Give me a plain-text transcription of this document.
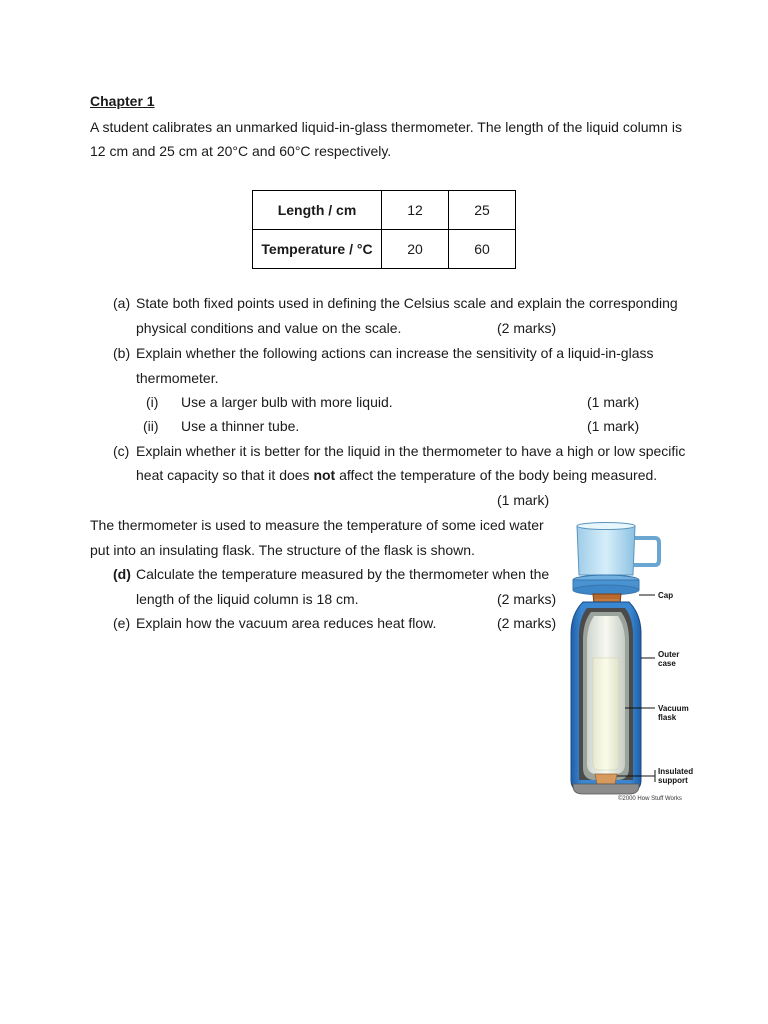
Chapter 1
A student calibrates an unmarked liquid-in-glass thermometer. The length of the liquid column is
12 cm and 25 cm at 20°C and 60°C respectively.
Length / cm	12	25
Temperature / °C	20	60
(a) State both fixed points used in defining the Celsius scale and explain the corresponding
physical conditions and value on the scale.	(2 marks)
(b) Explain whether the following actions can increase the sensitivity of a liquid-in-glass
thermometer.
(i) Use a larger bulb with more liquid.	(1 mark)
(ii) Use a thinner tube.	(1 mark)
(c) Explain whether it is better for the liquid in the thermometer to have a high or low specific
heat capacity so that it does not affect the temperature of the body being measured.
(1 mark)
The thermometer is used to measure the temperature of some iced water
put into an insulating flask. The structure of the flask is shown.
(d) Calculate the temperature measured by the thermometer when the
length of the liquid column is 18 cm.	(2 marks)
(e) Explain how the vacuum area reduces heat flow.	(2 marks)
Cap
Outer
case
Vacuum
flask
Insulated
support
©2000 How Stuff Works
